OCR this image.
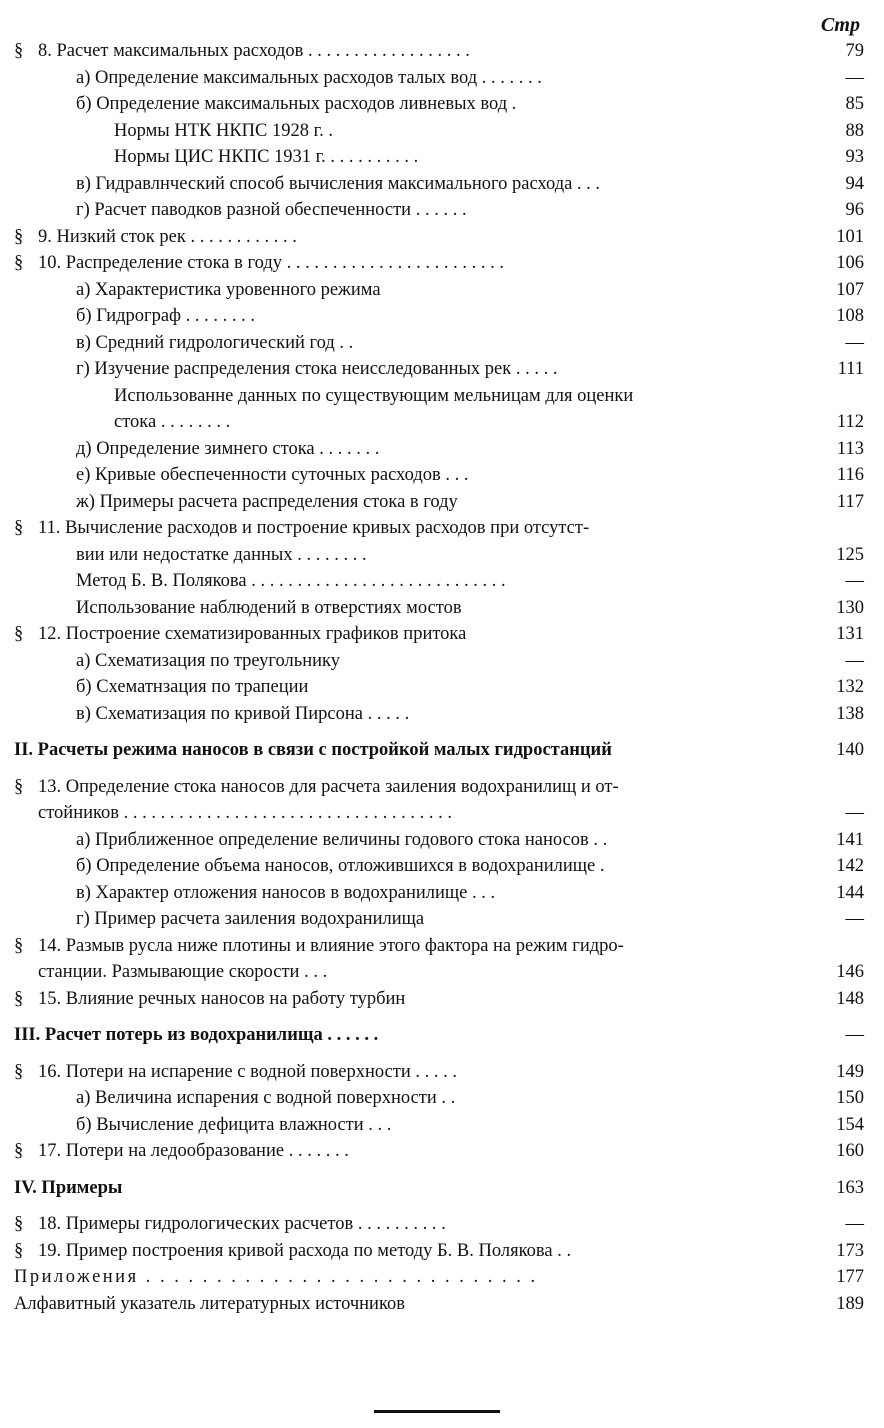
Стр
§ 8. Расчет максимальных расходов . . . . . . . . . . . . . . . . . .	79
а) Определение максимальных расходов талых вод . . . . . . .	—
б) Определение максимальных расходов ливневых вод .	85
Нормы НТК НКПС 1928 г. .	88
Нормы ЦИС НКПС 1931 г. . . . . . . . . . .	93
в) Гидравлнческий способ вычисления максимального расхода . . .	94
г) Расчет паводков разной обеспеченности . . . . . .	96
§ 9. Низкий сток рек . . . . . . . . . . . .	101
§ 10. Распределение стока в году . . . . . . . . . . . . . . . . . . . . . . . .	106
а) Характеристика уровенного режима	107
б) Гидрограф . . . . . . . .	108
в) Средний гидрологический год . .	—
г) Изучение распределения стока неисследованных рек . . . . .	111
Использованне данных по существующим мельницам для оценки
стока . . . . . . . .	112
д) Определение зимнего стока . . . . . . .	113
е) Кривые обеспеченности суточных расходов . . .	116
ж) Примеры расчета распределения стока в году	117
§ 11. Вычисление расходов и построение кривых расходов при отсутст-
вии или недостатке данных . . . . . . . .	125
Метод Б. В. Полякова . . . . . . . . . . . . . . . . . . . . . . . . . . . .	—
Использование наблюдений в отверстиях мостов	130
§ 12. Построение схематизированных графиков притока	131
а) Схематизация по треугольнику	—
б) Схематнзация по трапеции	132
в) Схематизация по кривой Пирсона . . . . .	138
II. Расчеты режима наносов в связи с постройкой малых гидростанций	140
§ 13. Определение стока наносов для расчета заиления водохранилищ и от-
стойников . . . . . . . . . . . . . . . . . . . . . . . . . . . . . . . . . . . .	—
а) Приближенное определение величины годового стока наносов . .	141
б) Определение объема наносов, отложившихся в водохранилище .	142
в) Характер отложения наносов в водохранилище . . .	144
г) Пример расчета заиления водохранилища	—
§ 14. Размыв русла ниже плотины и влияние этого фактора на режим гидро-
станции. Размывающие скорости . . .	146
§ 15. Влияние речных наносов на работу турбин	148
III. Расчет потерь из водохранилища . . . . . .	—
§ 16. Потери на испарение с водной поверхности . . . . .	149
а) Величина испарения с водной поверхности . .	150
б) Вычисление дефицита влажности . . .	154
§ 17. Потери на ледообразование . . . . . . .	160
IV. Примеры	163
§ 18. Примеры гидрологических расчетов . . . . . . . . . .	—
§ 19. Пример построения кривой расхода по методу Б. В. Полякова . .	173
Приложения . . . . . . . . . . . . . . . . . . . . . . . . . . . .	177
Алфавитный указатель литературных источников	189
